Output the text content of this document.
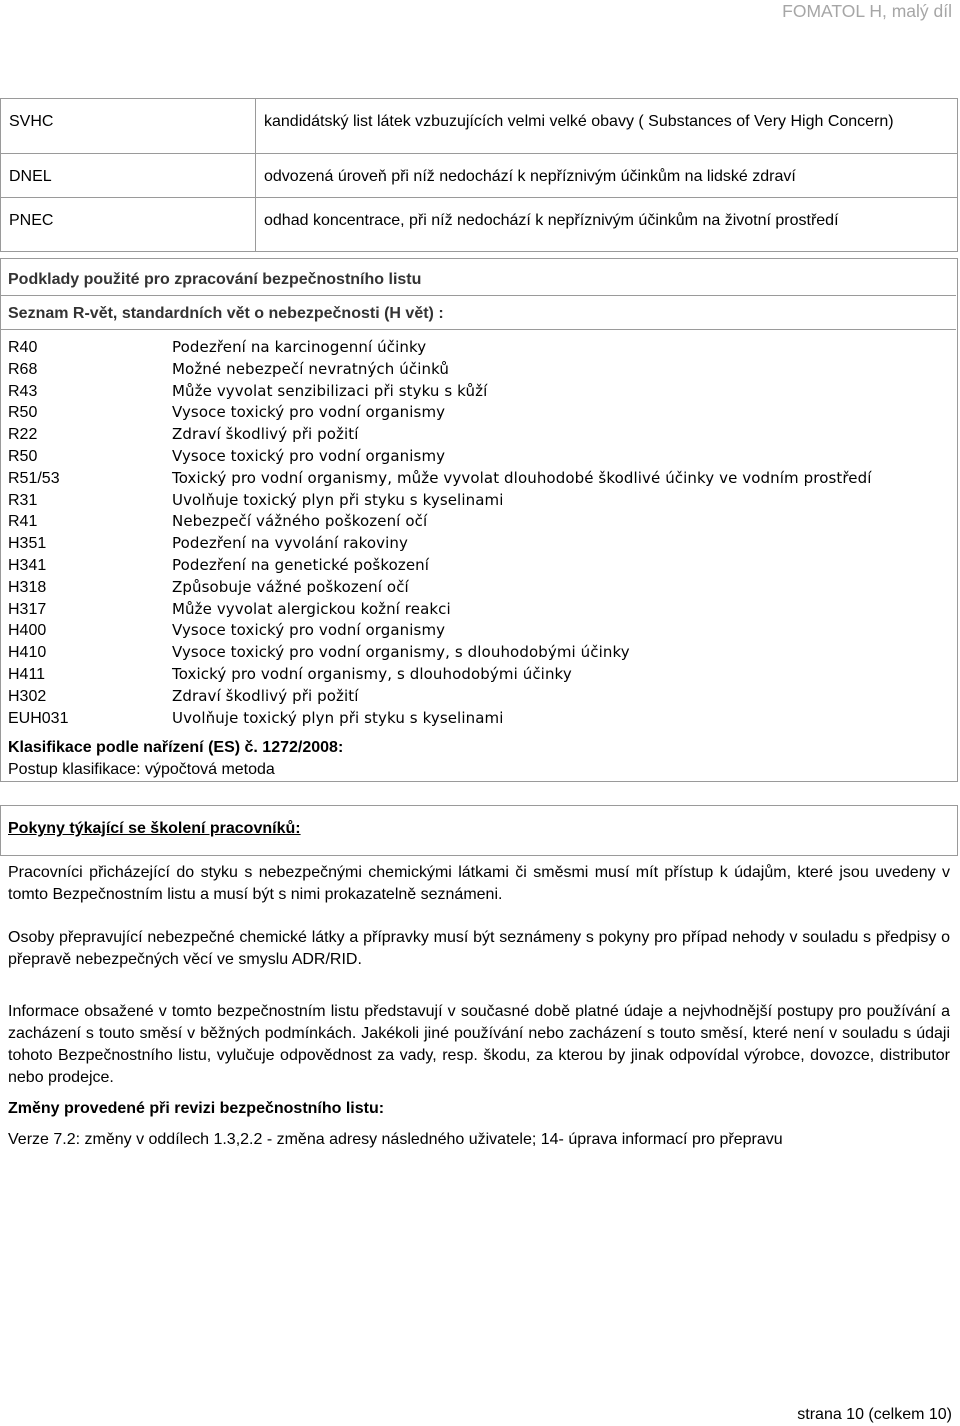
FOMATOL H, malý díl
SVHC	kandidátský list látek vzbuzujících velmi velké obavy ( Substances of Very High Concern)
DNEL	odvozená úroveň při níž nedochází k nepříznivým účinkům na lidské zdraví
PNEC	odhad koncentrace, při níž nedochází k nepříznivým účinkům na životní prostředí
Podklady použité pro zpracování bezpečnostního listu
Seznam R-vět, standardních vět o nebezpečnosti (H vět) :
R40	Podezření na karcinogenní účinky
R68	Možné nebezpečí nevratných účinků
R43	Může vyvolat senzibilizaci při styku s kůží
R50	Vysoce toxický pro vodní organismy
R22	Zdraví škodlivý při požití
R50	Vysoce toxický pro vodní organismy
R51/53	Toxický pro vodní organismy, může vyvolat dlouhodobé škodlivé účinky ve vodním prostředí
R31	Uvolňuje toxický plyn při styku s kyselinami
R41	Nebezpečí vážného poškození očí
H351	Podezření na vyvolání rakoviny
H341	Podezření na genetické poškození
H318	Způsobuje vážné poškození očí
H317	Může vyvolat alergickou kožní reakci
H400	Vysoce toxický pro vodní organismy
H410	Vysoce toxický pro vodní organismy, s dlouhodobými účinky
H411	Toxický pro vodní organismy, s dlouhodobými účinky
H302	Zdraví škodlivý při požití
EUH031	Uvolňuje toxický plyn při styku s kyselinami
Klasifikace podle nařízení (ES) č. 1272/2008:
Postup klasifikace: výpočtová metoda
Pokyny týkající se školení pracovníků:
Pracovníci přicházející do styku s nebezpečnými chemickými látkami či směsmi musí mít přístup k údajům, které jsou uvedeny v tomto Bezpečnostním listu a musí být s nimi prokazatelně seznámeni.
Osoby přepravující nebezpečné chemické látky a přípravky musí být seznámeny s pokyny pro případ nehody v souladu s předpisy o přepravě nebezpečných věcí ve smyslu ADR/RID.
Informace obsažené v tomto bezpečnostním listu představují v současné době platné údaje a nejvhodnější postupy pro používání a zacházení s touto směsí v běžných podmínkách. Jakékoli jiné používání nebo zacházení s touto směsí, které není v souladu s údaji tohoto Bezpečnostního listu, vylučuje odpovědnost za vady, resp. škodu, za kterou by jinak odpovídal výrobce, dovozce, distributor nebo prodejce.
Změny provedené při revizi bezpečnostního listu:
Verze 7.2: změny v oddílech 1.3,2.2 - změna adresy následného uživatele; 14- úprava informací pro přepravu
strana 10 (celkem 10)
